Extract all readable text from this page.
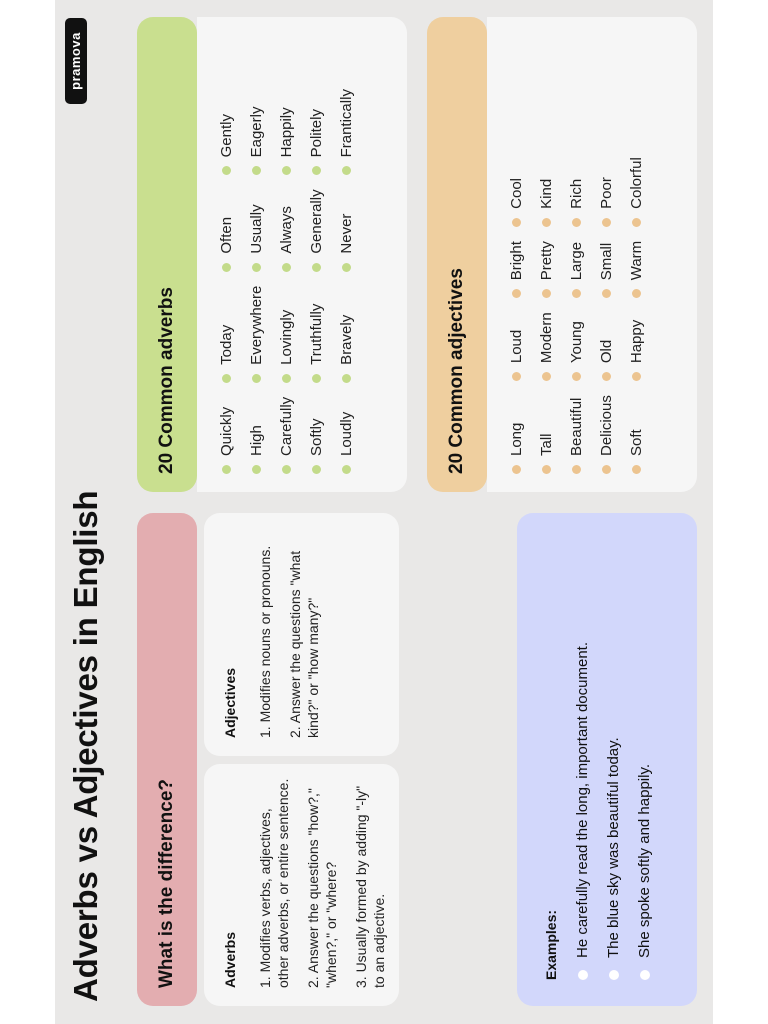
Adverbs vs Adjectives in English
pramova
What is the difference?	Adverbs 1. Modifies verbs, adjectives, other adverbs, or entire sentence. 2. Answer the questions "how?," "when?," or "where? 3. Usually formed by adding "-ly" to an adjective.
Adjectives 1. Modifies nouns or pronouns. 2. Answer the questions "what kind?" or "how many?"
Examples: He carefully read the long, important document. The blue sky was beautiful today. She spoke softly and happily.
20 Common adverbs	Quickly High Carefully Softly Loudly
Today Everywhere Lovingly Truthfully Bravely
Often Usually Always Generally Never
Gently Eagerly Happily Politely Frantically
20 Common adjectives	Long Tall Beautiful Delicious Soft
Loud Modern Young Old Happy
Bright Pretty Large Small Warm
Cool Kind Rich Poor Colorful
